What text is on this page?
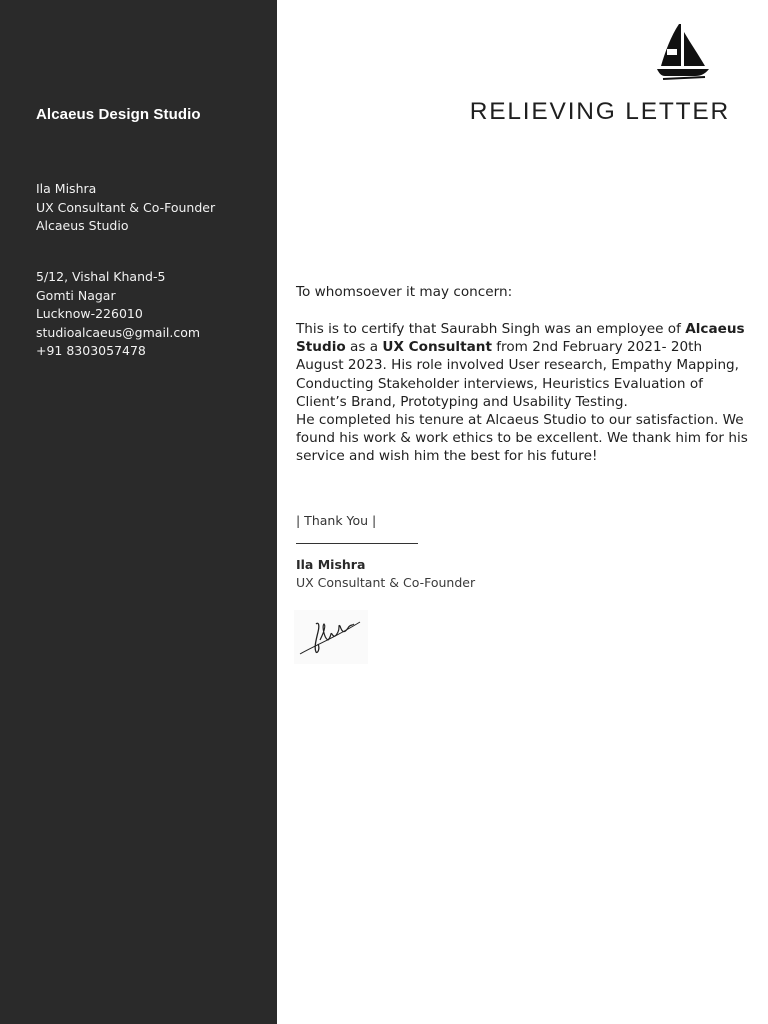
Alcaeus Design Studio
Ila Mishra
UX Consultant & Co-Founder
Alcaeus Studio
5/12, Vishal Khand-5
Gomti Nagar
Lucknow-226010
studioalcaeus@gmail.com
+91 8303057478
RELIEVING LETTER
To whomsoever it may concern:

This is to certify that Saurabh Singh was an employee of Alcaeus Studio as a UX Consultant from 2nd February 2021- 20th August 2023. His role involved User research, Empathy Mapping, Conducting Stakeholder interviews, Heuristics Evaluation of Client’s Brand, Prototyping and Usability Testing.

He completed his tenure at Alcaeus Studio to our satisfaction. We found his work & work ethics to be excellent. We thank him for his service and wish him the best for his future!

| Thank You |
Ila Mishra
UX Consultant & Co-Founder
